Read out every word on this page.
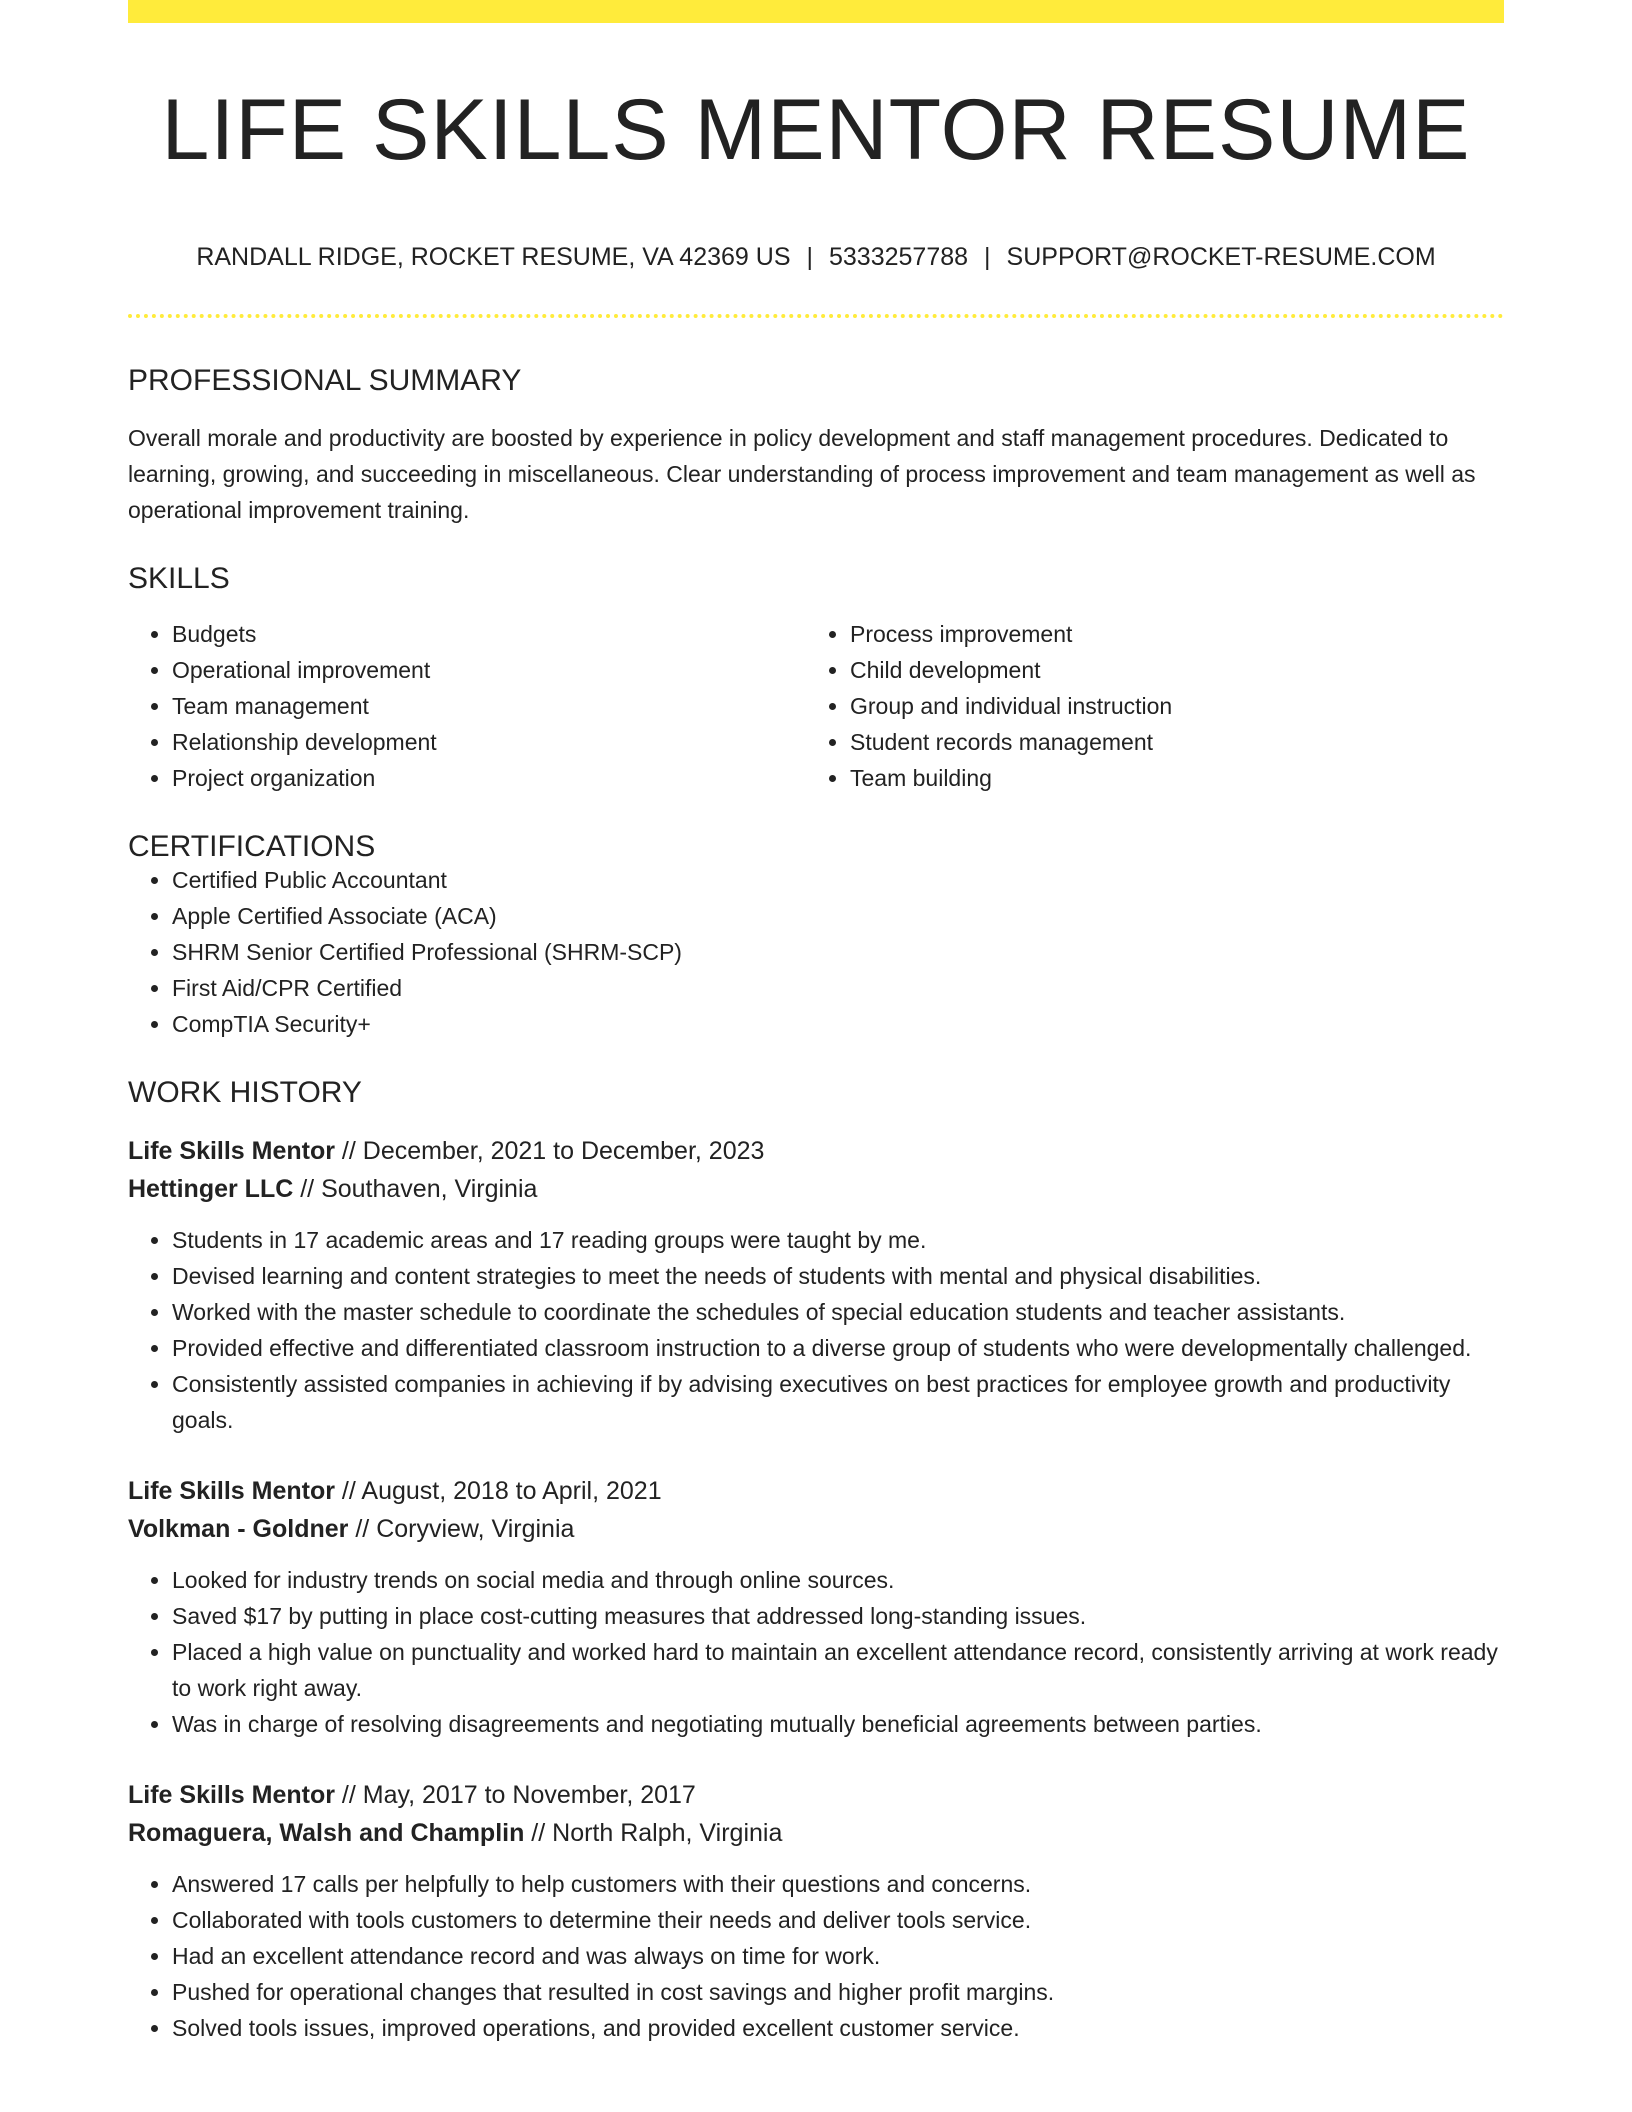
LIFE SKILLS MENTOR RESUME
RANDALL RIDGE, ROCKET RESUME, VA 42369 US | 5333257788 | SUPPORT@ROCKET-RESUME.COM
PROFESSIONAL SUMMARY

Overall morale and productivity are boosted by experience in policy development and staff management procedures. Dedicated to learning, growing, and succeeding in miscellaneous. Clear understanding of process improvement and team management as well as operational improvement training.

SKILLS
• Budgets
• Operational improvement
• Team management
• Relationship development
• Project organization
• Process improvement
• Child development
• Group and individual instruction
• Student records management
• Team building
CERTIFICATIONS
• Certified Public Accountant
• Apple Certified Associate (ACA)
• SHRM Senior Certified Professional (SHRM-SCP)
• First Aid/CPR Certified
• CompTIA Security+
WORK HISTORY
Life Skills Mentor // December, 2021 to December, 2023
Hettinger LLC // Southaven, Virginia
• Students in 17 academic areas and 17 reading groups were taught by me.
• Devised learning and content strategies to meet the needs of students with mental and physical disabilities.
• Worked with the master schedule to coordinate the schedules of special education students and teacher assistants.
• Provided effective and differentiated classroom instruction to a diverse group of students who were developmentally challenged.
• Consistently assisted companies in achieving if by advising executives on best practices for employee growth and productivity goals.
Life Skills Mentor // August, 2018 to April, 2021
Volkman - Goldner // Coryview, Virginia
• Looked for industry trends on social media and through online sources.
• Saved $17 by putting in place cost-cutting measures that addressed long-standing issues.
• Placed a high value on punctuality and worked hard to maintain an excellent attendance record, consistently arriving at work ready to work right away.
• Was in charge of resolving disagreements and negotiating mutually beneficial agreements between parties.
Life Skills Mentor // May, 2017 to November, 2017
Romaguera, Walsh and Champlin // North Ralph, Virginia
• Answered 17 calls per helpfully to help customers with their questions and concerns.
• Collaborated with tools customers to determine their needs and deliver tools service.
• Had an excellent attendance record and was always on time for work.
• Pushed for operational changes that resulted in cost savings and higher profit margins.
• Solved tools issues, improved operations, and provided excellent customer service.
